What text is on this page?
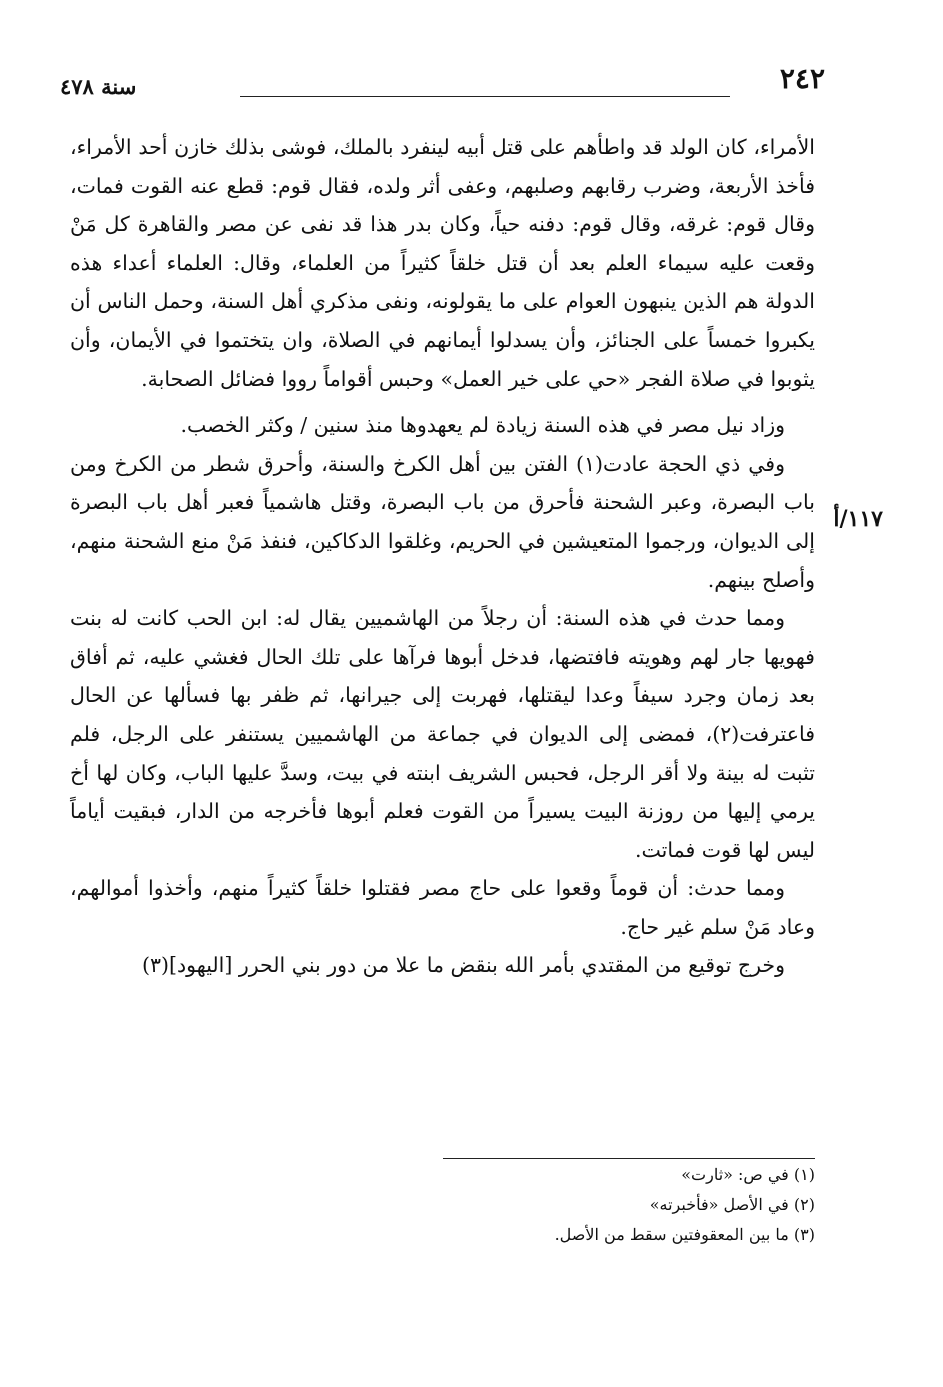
٢٤٢
سنة ٤٧٨
١١٧/أ

الأمراء، كان الولد قد واطأهم على قتل أبيه لينفرد بالملك، فوشى بذلك خازن أحد الأمراء، فأخذ الأربعة، وضرب رقابهم وصلبهم، وعفى أثر ولده، فقال قوم: قطع عنه القوت فمات، وقال قوم: غرقه، وقال قوم: دفنه حياً، وكان بدر هذا قد نفى عن مصر والقاهرة كل مَنْ وقعت عليه سيماء العلم بعد أن قتل خلقاً كثيراً من العلماء، وقال: العلماء أعداء هذه الدولة هم الذين ينبهون العوام على ما يقولونه، ونفى مذكري أهل السنة، وحمل الناس أن يكبروا خمساً على الجنائز، وأن يسدلوا أيمانهم في الصلاة، وان يتختموا في الأيمان، وأن يثوبوا في صلاة الفجر «حي على خير العمل» وحبس أقواماً رووا فضائل الصحابة.

وزاد نيل مصر في هذه السنة زيادة لم يعهدوها منذ سنين / وكثر الخصب.

وفي ذي الحجة عادت(١) الفتن بين أهل الكرخ والسنة، وأحرق شطر من الكرخ ومن باب البصرة، وعبر الشحنة فأحرق من باب البصرة، وقتل هاشمياً فعبر أهل باب البصرة إلى الديوان، ورجموا المتعيشين في الحريم، وغلقوا الدكاكين، فنفذ مَنْ منع الشحنة منهم، وأصلح بينهم.

ومما حدث في هذه السنة: أن رجلاً من الهاشميين يقال له: ابن الحب كانت له بنت فهويها جار لهم وهويته فافتضها، فدخل أبوها فرآها على تلك الحال فغشي عليه، ثم أفاق بعد زمان وجرد سيفاً وعدا ليقتلها، فهربت إلى جيرانها، ثم ظفر بها فسألها عن الحال فاعترفت(٢)، فمضى إلى الديوان في جماعة من الهاشميين يستنفر على الرجل، فلم تثبت له بينة ولا أقر الرجل، فحبس الشريف ابنته في بيت، وسدَّ عليها الباب، وكان لها أخ يرمي إليها من روزنة البيت يسيراً من القوت فعلم أبوها فأخرجه من الدار، فبقيت أياماً ليس لها قوت فماتت.

ومما حدث: أن قوماً وقعوا على حاج مصر فقتلوا خلقاً كثيراً منهم، وأخذوا أموالهم، وعاد مَنْ سلم غير حاج.

وخرج توقيع من المقتدي بأمر الله بنقض ما علا من دور بني الحرر [اليهود](٣)

(١) في ص: «ثارت»

(٢) في الأصل «فأخبرته»

(٣) ما بين المعقوفتين سقط من الأصل.
